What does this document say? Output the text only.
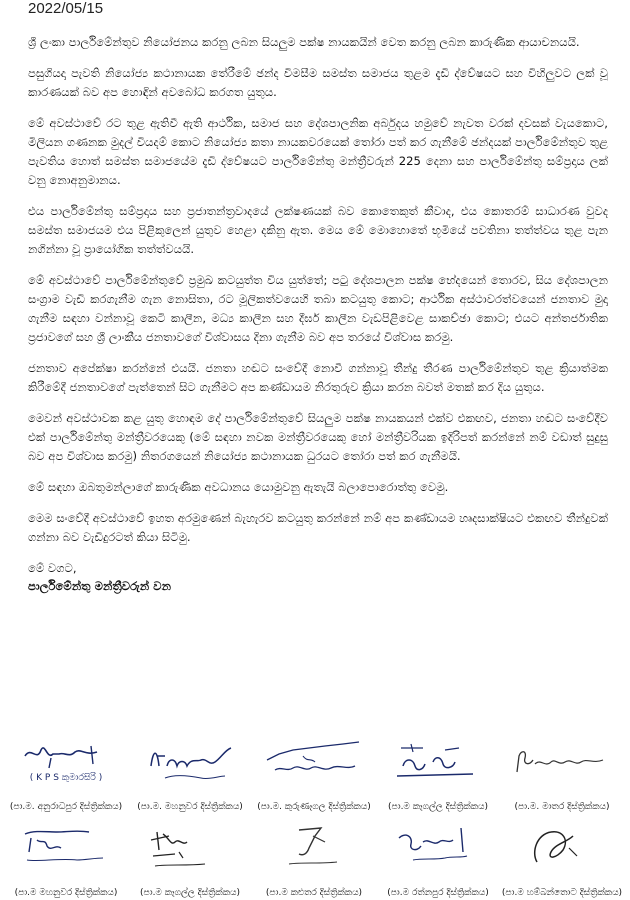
2022/05/15

ශ්‍රී ලංකා පාර්ලිමේන්තුව නියෝජනය කරනු ලබන සියලුම පක්ෂ නායකයින් වෙත කරනු ලබන කාරුණික ආයාචනයයි.

පසුගියදා පැවති නියෝජ්‍ය කථානායක තේරීමේ ඡන්ද විමසීම සමස්ත සමාජය තුළම දැඩි ද්වේෂයට සහ විහිලුවට ලක් වූ කාරණයක් බව අප හොඳින් අවබෝධ කරගත යුතුය.

මේ අවස්ථාවේ රට තුළ ඇතිවී ඇති ආර්ථික, සමාජ සහ දේශපාලනික අර්බුදය හමුවේ නැවත වරක් දවසක් වැයකොට, මිලියන ගණනක මුදල් වියදම් කොට නියෝජ්‍ය කතා නායකවරයෙක් තෝරා පත් කර ගැනීමේ ඡන්දයක් පාර්ලිමේන්තුව තුළ පැවතිය හොත් සමස්ත සමාජයේම දැඩි ද්වේෂයට පාර්ලිමේන්තු මන්ත්‍රීවරුන් 225 දෙනා සහ පාර්ලිමේන්තු සම්ප්‍රදාය ලක් වනු නොඅනුමානය.

එය පාර්ලිමේන්තු සම්ප්‍රදාය සහ ප්‍රජාතන්ත්‍රවාදයේ ලක්ෂණයක් බව කොතෙකුත් කීවාද, එය කොතරම් සාධාරණ වුවද සමස්ත සමාජයම එය පිළිකුලෙන් යුතුව හෙළා දකිනු ඇත. මෙය මේ මොහොතේ භූමියේ පවතිනා තත්ත්වය තුළ පැන නගින්නා වූ ප්‍රායෝගික තත්ත්වයයි.

මේ අවස්ථාවේ පාර්ලිමේන්තුවේ ප්‍රමුඛ කටයුත්ත විය යුත්තේ; පටු දේශපාලන පක්ෂ භේදයෙන් තොරව, සිය දේශපාලන සංග්‍රාම වැඩි කරගැනීම ගැන නොසිතා, රට මූලිකත්වයෙහි තබා කටයුතු කොට; ආර්ථික අස්ථාවරත්වයෙන් ජනතාව මුදා ගැනීම සඳහා වන්නාවූ කෙටි කාලීන, මධ්‍ය කාලීන සහ දීර්ඝ කාලීන වැඩපිළිවෙළ සාකච්ඡා කොට; එයට අන්තර්ජාතික ප්‍රජාවගේ සහ ශ්‍රී ලාංකීය ජනතාවගේ විශ්වාසය දිනා ගැනීම බව අප තරයේ විශ්වාස කරමු.

ජනතාව අපේක්ෂා කරන්නේ එයයි. ජනතා හඬට සංවේදී නොවී ගන්නාවූ තීන්දු තීරණ පාර්ලිමේන්තුව තුළ ක්‍රියාත්මක කිරීමේදී ජනතාවගේ පැත්තෙන් සිට ගැනීමට අප කණ්ඩායම නිරතුරුව ක්‍රියා කරන බවත් මතක් කර දිය යුතුය.

මෙවන් අවස්ථාවක කළ යුතු හොඳම දේ පාර්ලිමේන්තුවේ සියලුම පක්ෂ නායකයන් එක්ව එකඟව, ජනතා හඬට සංවේදීව එක් පාර්ලිමේන්තු මන්ත්‍රීවරයෙකු (මේ සඳහා නවක මන්ත්‍රීවරයෙකු හෝ මන්ත්‍රීවරියක ඉදිරිපත් කරන්නේ නම් වඩාත් සුදුසු බව අප විශ්වාස කරමු) නිතරගයෙන් නියෝජ්‍ය කථානායක ධුරයට තෝරා පත් කර ගැනීමයි.

මේ සඳහා ඔබතුමන්ලාගේ කාරුණික අවධානය යොමුවනු ඇතැයි බලාපොරොත්තු වෙමු.

මෙම සංවේදී අවස්ථාවේ ඉහත අරමුණෙන් බැහැරව කටයුතු කරන්නේ නම් අප කණ්ඩායම හෘදසාක්ෂියට එකඟව තීන්දුවක් ගන්නා බව වැඩිදුරටත් කියා සිටිමු.

මේ වගට,
පාර්ලිමේන්තු මන්ත්‍රීවරුන් වන
( K P S කුමාරසිරි )
(පා.ම. අනුරාධපුර දිස්ත්‍රික්කය)	(පා.ම. මහනුවර දිස්ත්‍රික්කය)	(පා.ම. කුරුණෑගල දිස්ත්‍රික්කය)	(පා.ම කෑගල්ල දිස්ත්‍රික්කය)	(පා.ම. මාතර දිස්ත්‍රික්කය)
(පා.ම මහනුවර දිස්ත්‍රික්කය)	(පා.ම කෑගල්ල දිස්ත්‍රික්කය)	(පා.ම කළුතර දිස්ත්‍රික්කය)	(පා.ම රත්නපුර දිස්ත්‍රික්කය)	(පා.ම හම්බන්තොට දිස්ත්‍රික්කය)
